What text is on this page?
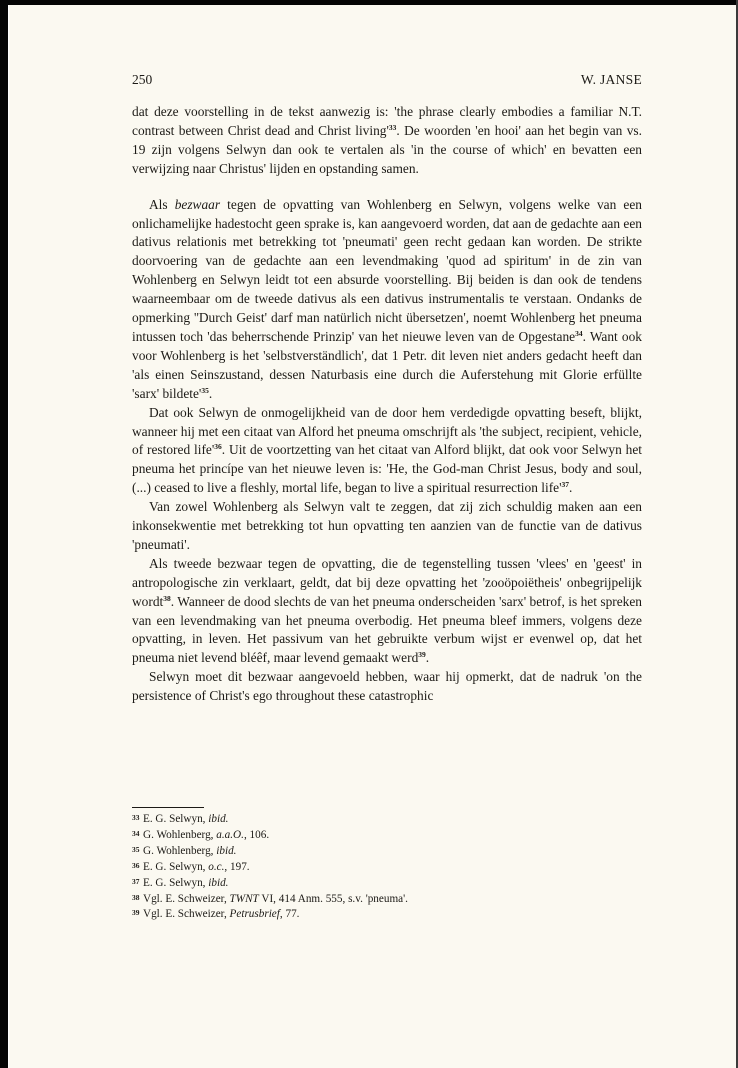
250	W. JANSE

dat deze voorstelling in de tekst aanwezig is: 'the phrase clearly embodies a familiar N.T. contrast between Christ dead and Christ $living'^{33}$. De woorden 'en hooi' aan het begin van vs. 19 zijn volgens Selwyn dan ook te vertalen als 'in the course of which' en bevatten een verwijzing naar Christus' lijden en opstanding samen.

Als bezwaar tegen de opvatting van Wohlenberg en Selwyn, volgens welke van een onlichamelijke hadestocht geen sprake is, kan aangevoerd worden, dat aan de gedachte aan een dativus relationis met betrekking tot 'pneumati' geen recht gedaan kan worden. De strikte doorvoering van de gedachte aan een levendmaking 'quod ad spiritum' in de zin van Wohlenberg en Selwyn leidt tot een absurde voorstelling. Bij beiden is dan ook de tendens waarneembaar om de tweede dativus als een dativus instrumentalis te verstaan. Ondanks de opmerking ''Durch Geist' darf man natürlich nicht übersetzen', noemt Wohlenberg het pneuma intussen toch 'das beherrschende Prinzip' van het nieuwe leven van de Opgestane$^{34}$. Want ook voor Wohlenberg is het 'selbstverständlich', dat 1 Petr. dit leven niet anders gedacht heeft dan 'als einen Seinszustand, dessen Naturbasis eine durch die Auferstehung mit Glorie erfüllte 'sarx' $bildete'^{35}$.

Dat ook Selwyn de onmogelijkheid van de door hem verdedigde opvatting beseft, blijkt, wanneer hij met een citaat van Alford het pneuma omschrijft als 'the subject, recipient, vehicle, of restored $life'^{36}$. Uit de voortzetting van het citaat van Alford blijkt, dat ook voor Selwyn het pneuma het princípe van het nieuwe leven is: 'He, the God-man Christ Jesus, body and soul, (...) ceased to live a fleshly, mortal life, began to live a spiritual resurrection $life'^{37}$.

Van zowel Wohlenberg als Selwyn valt te zeggen, dat zij zich schuldig maken aan een inkonsekwentie met betrekking tot hun opvatting ten aanzien van de functie van de dativus 'pneumati'.

Als tweede bezwaar tegen de opvatting, die de tegenstelling tussen 'vlees' en 'geest' in antropologische zin verklaart, geldt, dat bij deze opvatting het 'zooöpoiëtheis' onbegrijpelijk wordt$^{38}$. Wanneer de dood slechts de van het pneuma onderscheiden 'sarx' betrof, is het spreken van een levendmaking van het pneuma overbodig. Het pneuma bleef immers, volgens deze opvatting, in leven. Het passivum van het gebruikte verbum wijst er evenwel op, dat het pneuma niet levend bléêf, maar levend gemaakt werd$^{39}$.

Selwyn moet dit bezwaar aangevoeld hebben, waar hij opmerkt, dat de nadruk 'on the persistence of Christ's ego throughout these catastrophic

33 E. G. Selwyn, ibid.
34 G. Wohlenberg, a.a.O., 106.
35 G. Wohlenberg, ibid.
36 E. G. Selwyn, o.c., 197.
37 E. G. Selwyn, ibid.
38 Vgl. E. Schweizer, TWNT VI, 414 Anm. 555, s.v. 'pneuma'.
39 Vgl. E. Schweizer, Petrusbrief, 77.
